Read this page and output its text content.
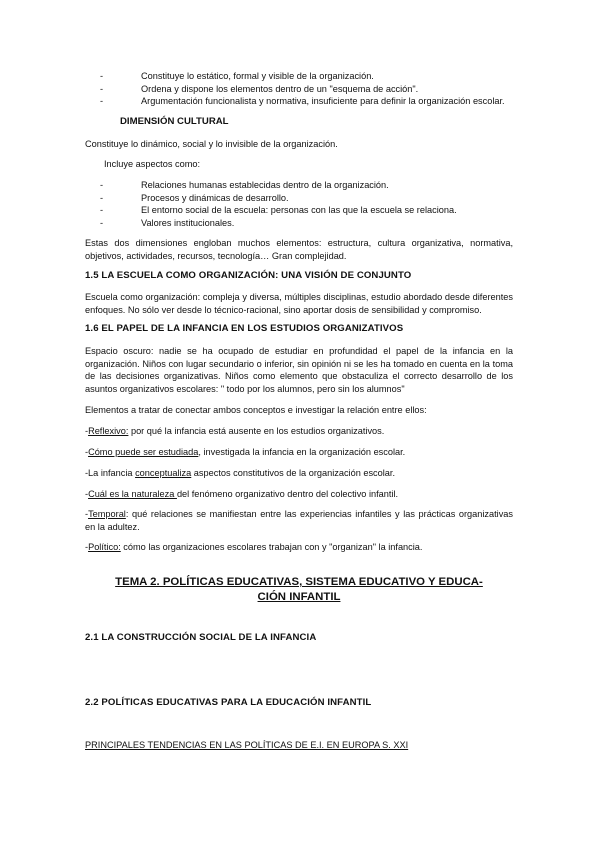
-	Constituye lo estático, formal y visible de la organización.
-	Ordena y dispone los elementos dentro de un "esquema de acción".
-	Argumentación funcionalista y normativa, insuficiente para definir la organización escolar.
DIMENSIÓN CULTURAL
Constituye lo dinámico, social y lo invisible de la organización.
Incluye aspectos como:
-	Relaciones humanas establecidas dentro de la organización.
-	Procesos y dinámicas de desarrollo.
-	El entorno social de la escuela: personas con las que la escuela se relaciona.
-	Valores institucionales.
Estas dos dimensiones engloban muchos elementos: estructura, cultura organizativa, normativa, objetivos, actividades, recursos, tecnología… Gran complejidad.
1.5 LA ESCUELA COMO ORGANIZACIÓN: UNA VISIÓN DE CONJUNTO
Escuela como organización: compleja y diversa, múltiples disciplinas, estudio abordado desde diferentes enfoques. No sólo ver desde lo técnico-racional, sino aportar dosis de sensibilidad y compromiso.
1.6 EL PAPEL DE LA INFANCIA EN LOS ESTUDIOS ORGANIZATIVOS
Espacio oscuro: nadie se ha ocupado de estudiar en profundidad el papel de la infancia en la organización. Niños con lugar secundario o inferior, sin opinión ni se les ha tomado en cuenta en la toma de las decisiones organizativas. Niños como elemento que obstaculiza el correcto desarrollo de los asuntos organizativos escolares: " todo por los alumnos, pero sin los alumnos"
Elementos a tratar de conectar ambos conceptos e investigar la relación entre ellos:
-Reflexivo: por qué la infancia está ausente en los estudios organizativos.
-Cómo puede ser estudiada, investigada la infancia en la organización escolar.
-La infancia conceptualiza aspectos constitutivos de la organización escolar.
-Cuál es la naturaleza del fenómeno organizativo dentro del colectivo infantil.
-Temporal: qué relaciones se manifiestan entre las experiencias infantiles y las prácticas organizativas en la adultez.
-Político: cómo las organizaciones escolares trabajan con y "organizan" la infancia.
TEMA 2. POLÍTICAS EDUCATIVAS, SISTEMA EDUCATIVO Y EDUCA-
CIÓN INFANTIL
2.1 LA CONSTRUCCIÓN SOCIAL DE LA INFANCIA
2.2 POLÍTICAS EDUCATIVAS PARA LA EDUCACIÓN INFANTIL
PRINCIPALES TENDENCIAS EN LAS POLÍTICAS DE E.I. EN EUROPA S. XXI
